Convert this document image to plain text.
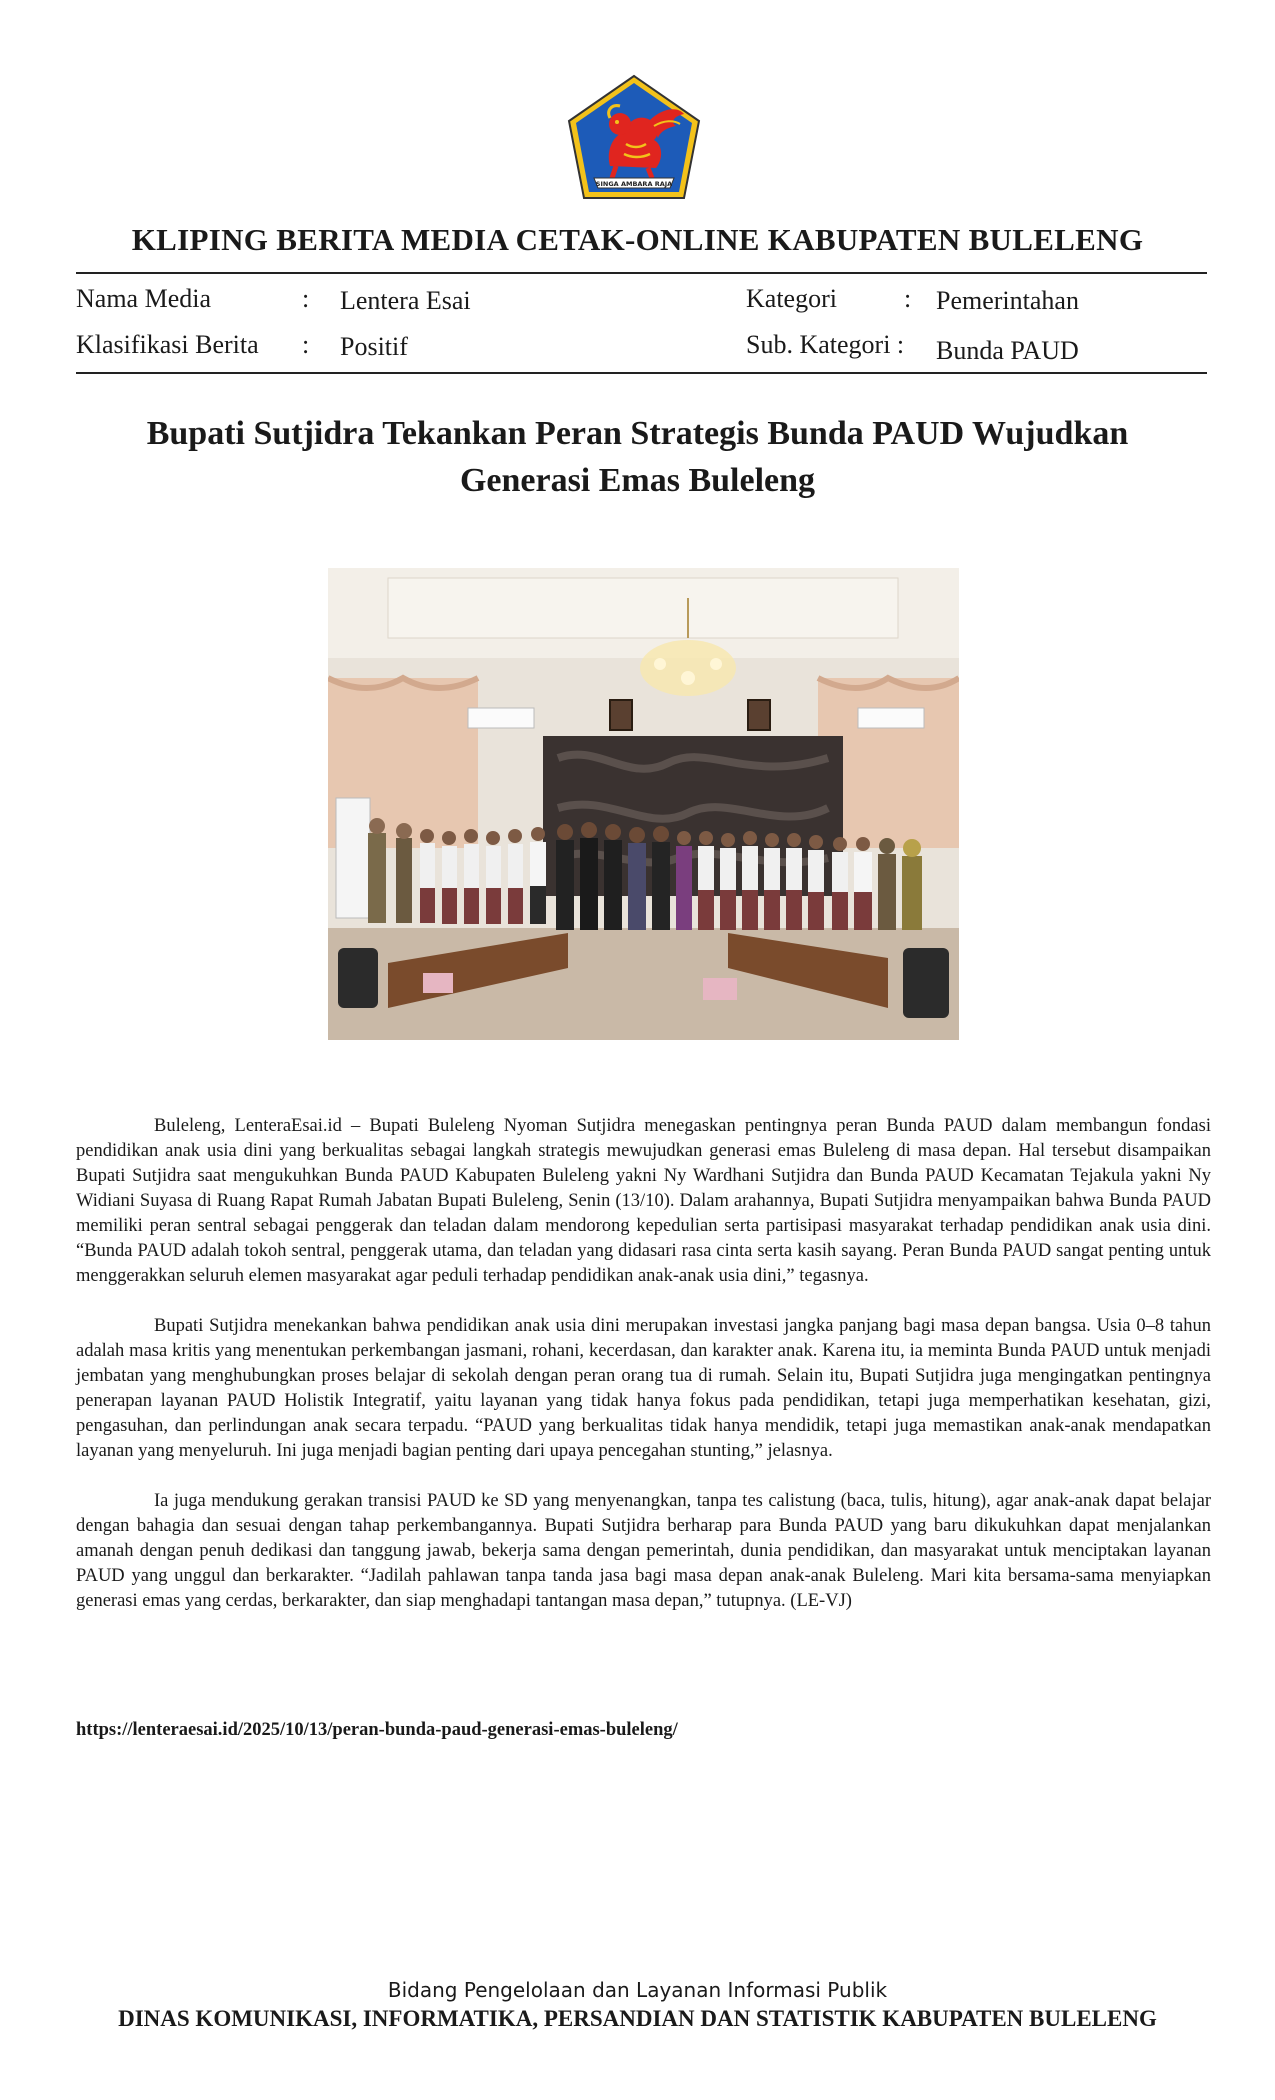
SINGA AMBARA RAJA
KLIPING BERITA MEDIA CETAK-ONLINE KABUPATEN BULELENG
Nama Media	: Lentera Esai
Klasifikasi Berita : Positif
Kategori	: Pemerintahan
Sub. Kategori : Bunda PAUD
Bupati Sutjidra Tekankan Peran Strategis Bunda PAUD Wujudkan
Generasi Emas Buleleng

Buleleng, LenteraEsai.id – Bupati Buleleng Nyoman Sutjidra menegaskan pentingnya peran Bunda PAUD dalam membangun fondasi pendidikan anak usia dini yang berkualitas sebagai langkah strategis mewujudkan generasi emas Buleleng di masa depan. Hal tersebut disampaikan Bupati Sutjidra saat mengukuhkan Bunda PAUD Kabupaten Buleleng yakni Ny Wardhani Sutjidra dan Bunda PAUD Kecamatan Tejakula yakni Ny Widiani Suyasa di Ruang Rapat Rumah Jabatan Bupati Buleleng, Senin (13/10). Dalam arahannya, Bupati Sutjidra menyampaikan bahwa Bunda PAUD memiliki peran sentral sebagai penggerak dan teladan dalam mendorong kepedulian serta partisipasi masyarakat terhadap pendidikan anak usia dini. “Bunda PAUD adalah tokoh sentral, penggerak utama, dan teladan yang didasari rasa cinta serta kasih sayang. Peran Bunda PAUD sangat penting untuk menggerakkan seluruh elemen masyarakat agar peduli terhadap pendidikan anak-anak usia dini,” tegasnya.

Bupati Sutjidra menekankan bahwa pendidikan anak usia dini merupakan investasi jangka panjang bagi masa depan bangsa. Usia 0–8 tahun adalah masa kritis yang menentukan perkembangan jasmani, rohani, kecerdasan, dan karakter anak. Karena itu, ia meminta Bunda PAUD untuk menjadi jembatan yang menghubungkan proses belajar di sekolah dengan peran orang tua di rumah. Selain itu, Bupati Sutjidra juga mengingatkan pentingnya penerapan layanan PAUD Holistik Integratif, yaitu layanan yang tidak hanya fokus pada pendidikan, tetapi juga memperhatikan kesehatan, gizi, pengasuhan, dan perlindungan anak secara terpadu. “PAUD yang berkualitas tidak hanya mendidik, tetapi juga memastikan anak-anak mendapatkan layanan yang menyeluruh. Ini juga menjadi bagian penting dari upaya pencegahan stunting,” jelasnya.

Ia juga mendukung gerakan transisi PAUD ke SD yang menyenangkan, tanpa tes calistung (baca, tulis, hitung), agar anak-anak dapat belajar dengan bahagia dan sesuai dengan tahap perkembangannya. Bupati Sutjidra berharap para Bunda PAUD yang baru dikukuhkan dapat menjalankan amanah dengan penuh dedikasi dan tanggung jawab, bekerja sama dengan pemerintah, dunia pendidikan, dan masyarakat untuk menciptakan layanan PAUD yang unggul dan berkarakter. “Jadilah pahlawan tanpa tanda jasa bagi masa depan anak-anak Buleleng. Mari kita bersama-sama menyiapkan generasi emas yang cerdas, berkarakter, dan siap menghadapi tantangan masa depan,” tutupnya. (LE-VJ)

https://lenteraesai.id/2025/10/13/peran-bunda-paud-generasi-emas-buleleng/
Bidang Pengelolaan dan Layanan Informasi Publik
DINAS KOMUNIKASI, INFORMATIKA, PERSANDIAN DAN STATISTIK KABUPATEN BULELENG
